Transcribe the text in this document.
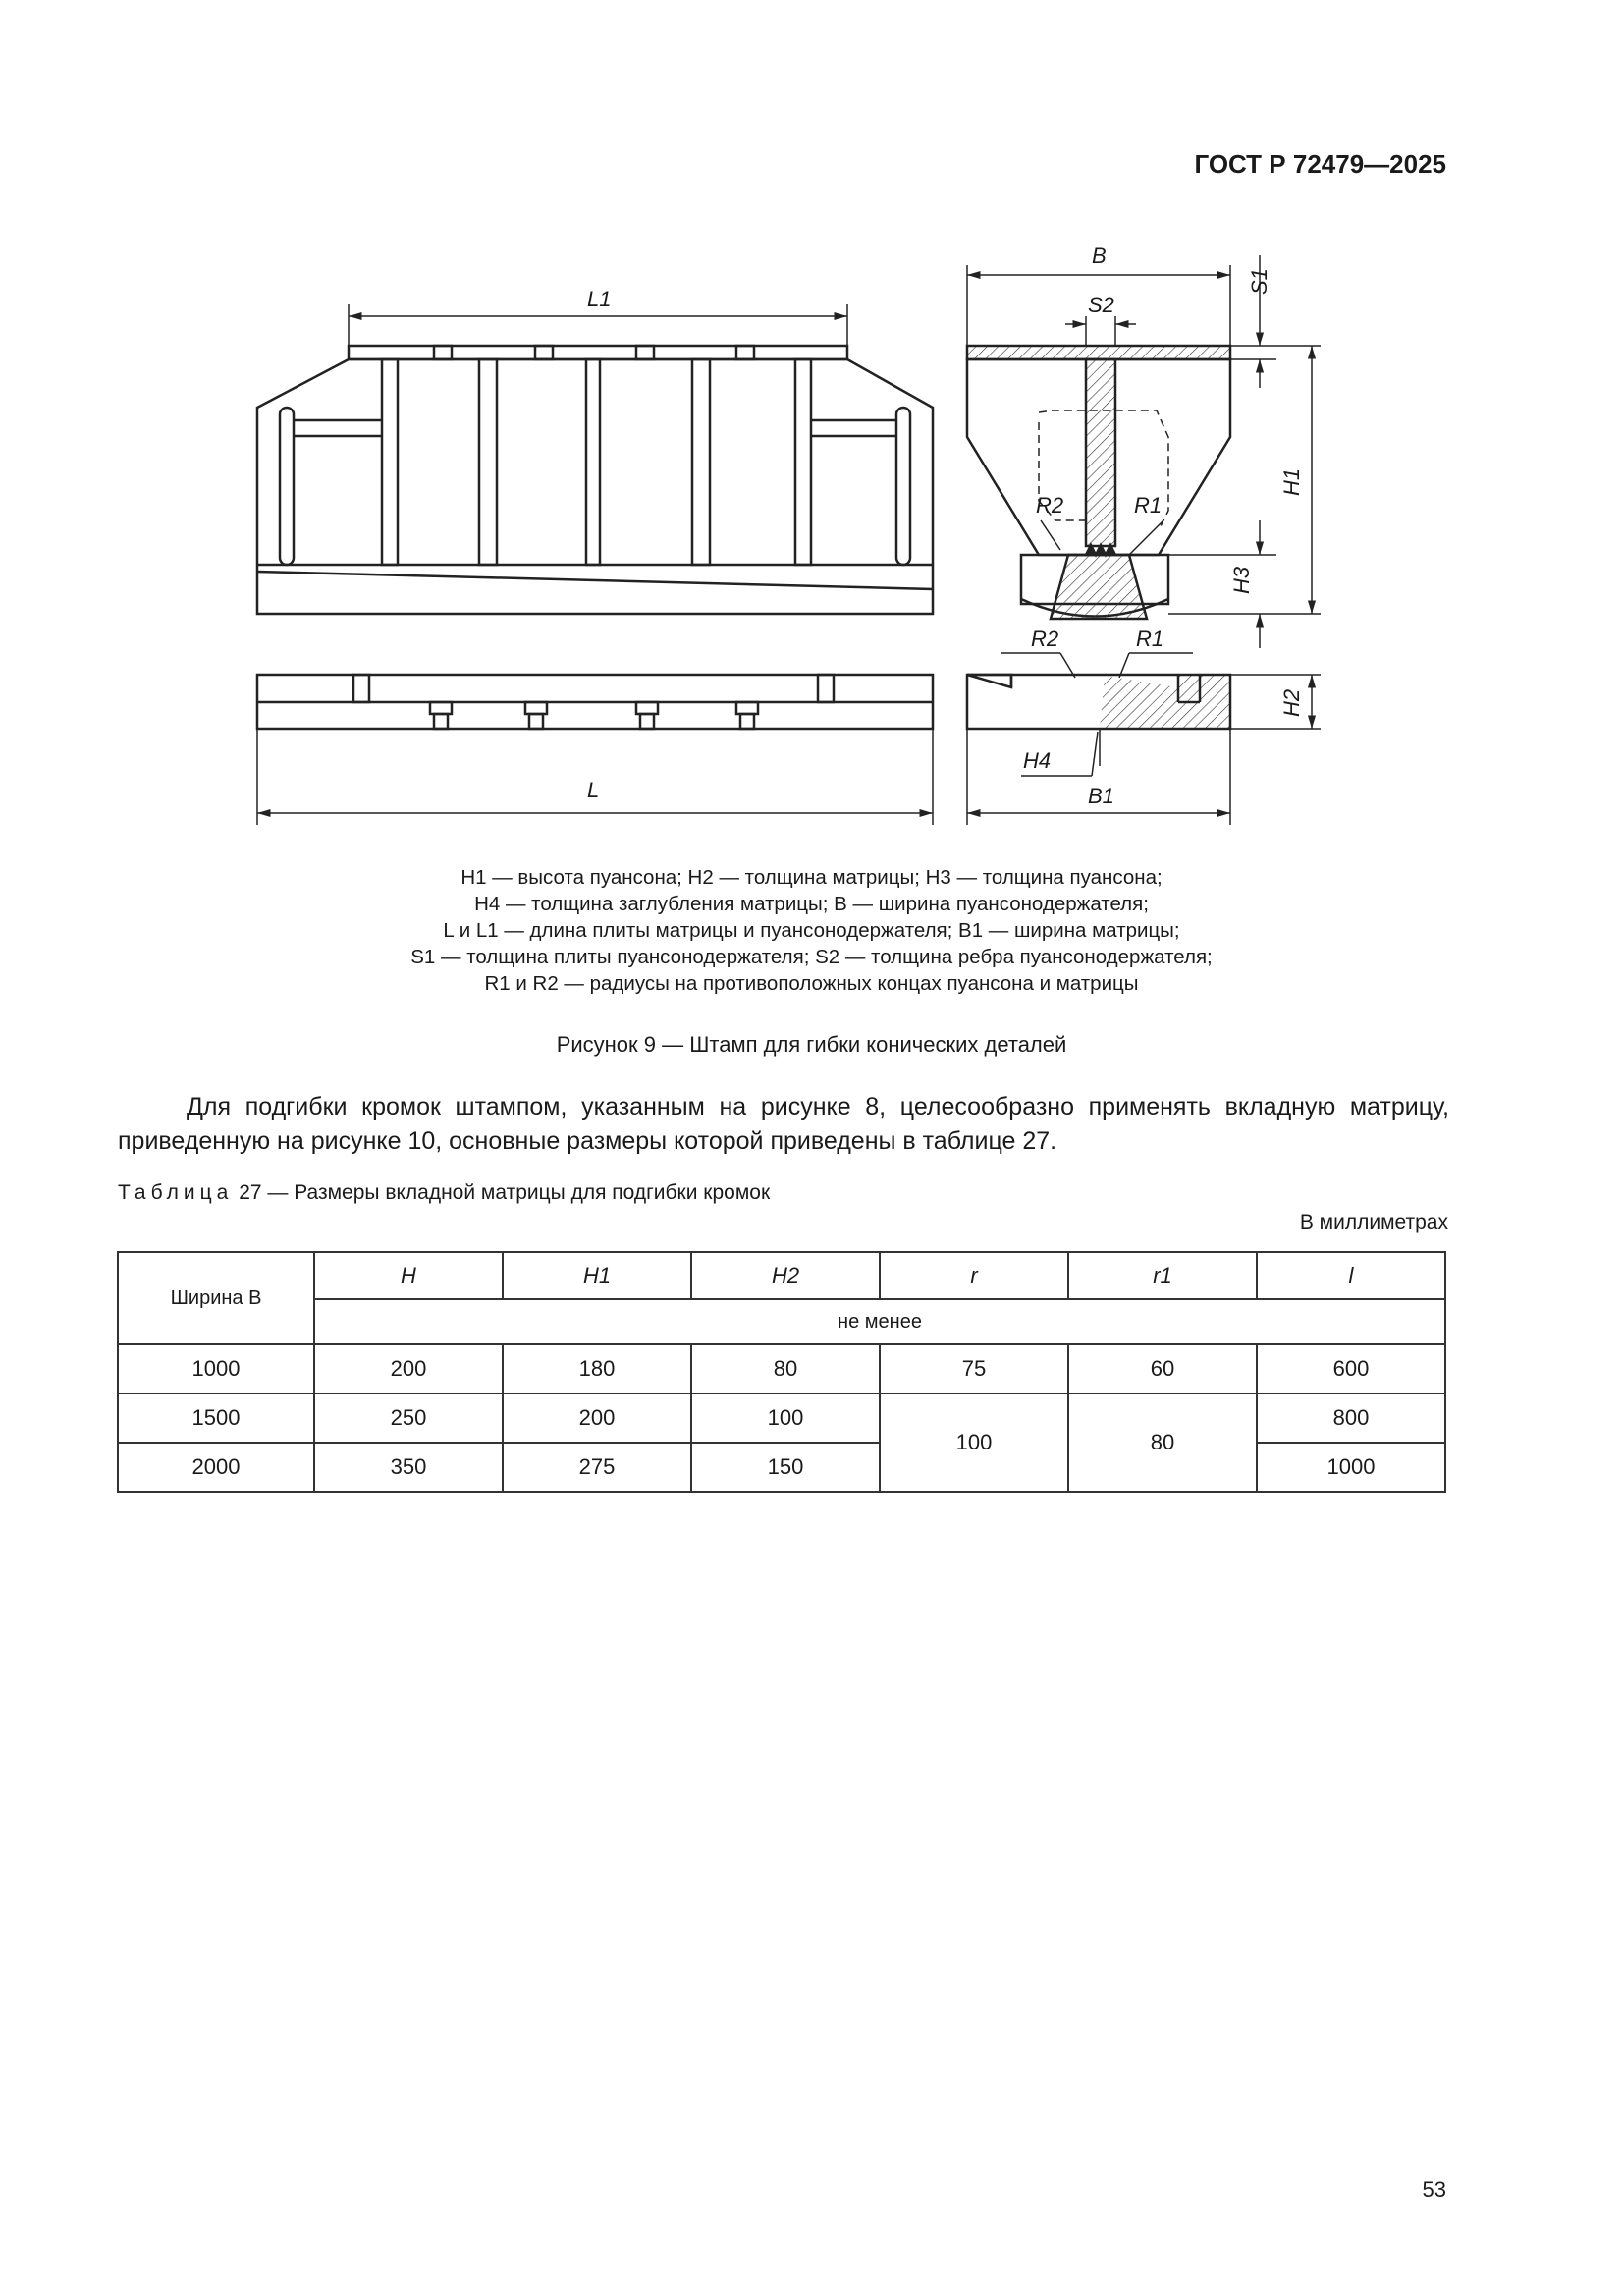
ГОСТ Р 72479—2025
L1
L
B
S2
S1
H1
H3
H2
R2	R1
R2	R1
H4
B1
H1 — высота пуансона; H2 — толщина матрицы; H3 — толщина пуансона;
H4 — толщина заглубления матрицы; B — ширина пуансонодержателя;
L и L1 — длина плиты матрицы и пуансонодержателя; B1 — ширина матрицы;
S1 — толщина плиты пуансонодержателя; S2 — толщина ребра пуансонодержателя;
R1 и R2 — радиусы на противоположных концах пуансона и матрицы
Рисунок 9 — Штамп для гибки конических деталей
Для подгибки кромок штампом, указанным на рисунке 8, целесообразно применять вкладную матрицу, приведенную на рисунке 10, основные размеры которой приведены в таблице 27.
Таблица 27 — Размеры вкладной матрицы для подгибки кромок
В миллиметрах
Ширина B	H	H1	H2	r	r1	l
	не менее					
1000	200	180	80	75	60	600
1500	250	200	100	100	80	800
2000	350	275	150			1000
53
